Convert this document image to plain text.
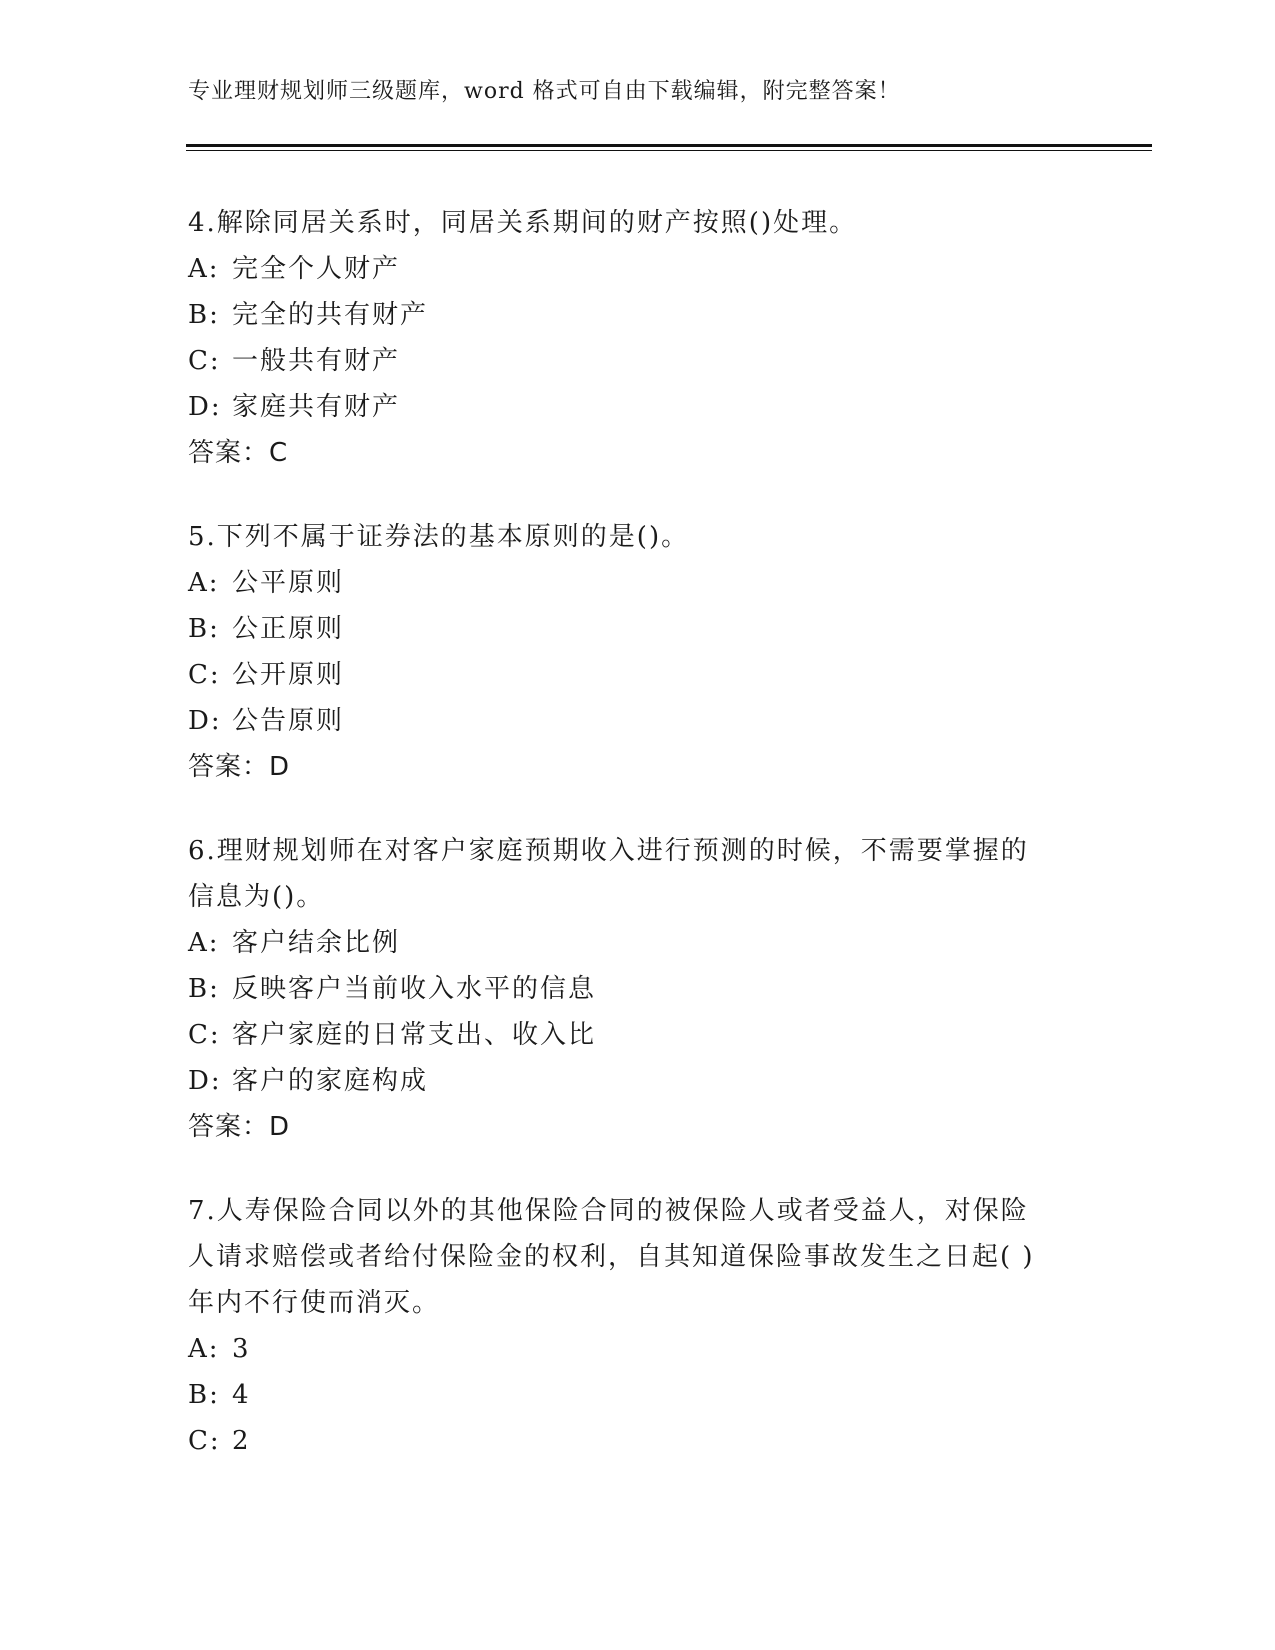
专业理财规划师三级题库，word 格式可自由下载编辑，附完整答案！
4.解除同居关系时，同居关系期间的财产按照()处理。
A: 完全个人财产
B: 完全的共有财产
C: 一般共有财产
D: 家庭共有财产
答案：C
5.下列不属于证券法的基本原则的是()。
A: 公平原则
B: 公正原则
C: 公开原则
D: 公告原则
答案：D
6.理财规划师在对客户家庭预期收入进行预测的时候，不需要掌握的
信息为()。
A: 客户结余比例
B: 反映客户当前收入水平的信息
C: 客户家庭的日常支出、收入比
D: 客户的家庭构成
答案：D
7.人寿保险合同以外的其他保险合同的被保险人或者受益人，对保险
人请求赔偿或者给付保险金的权利，自其知道保险事故发生之日起( )
年内不行使而消灭。
A: 3
B: 4
C: 2
